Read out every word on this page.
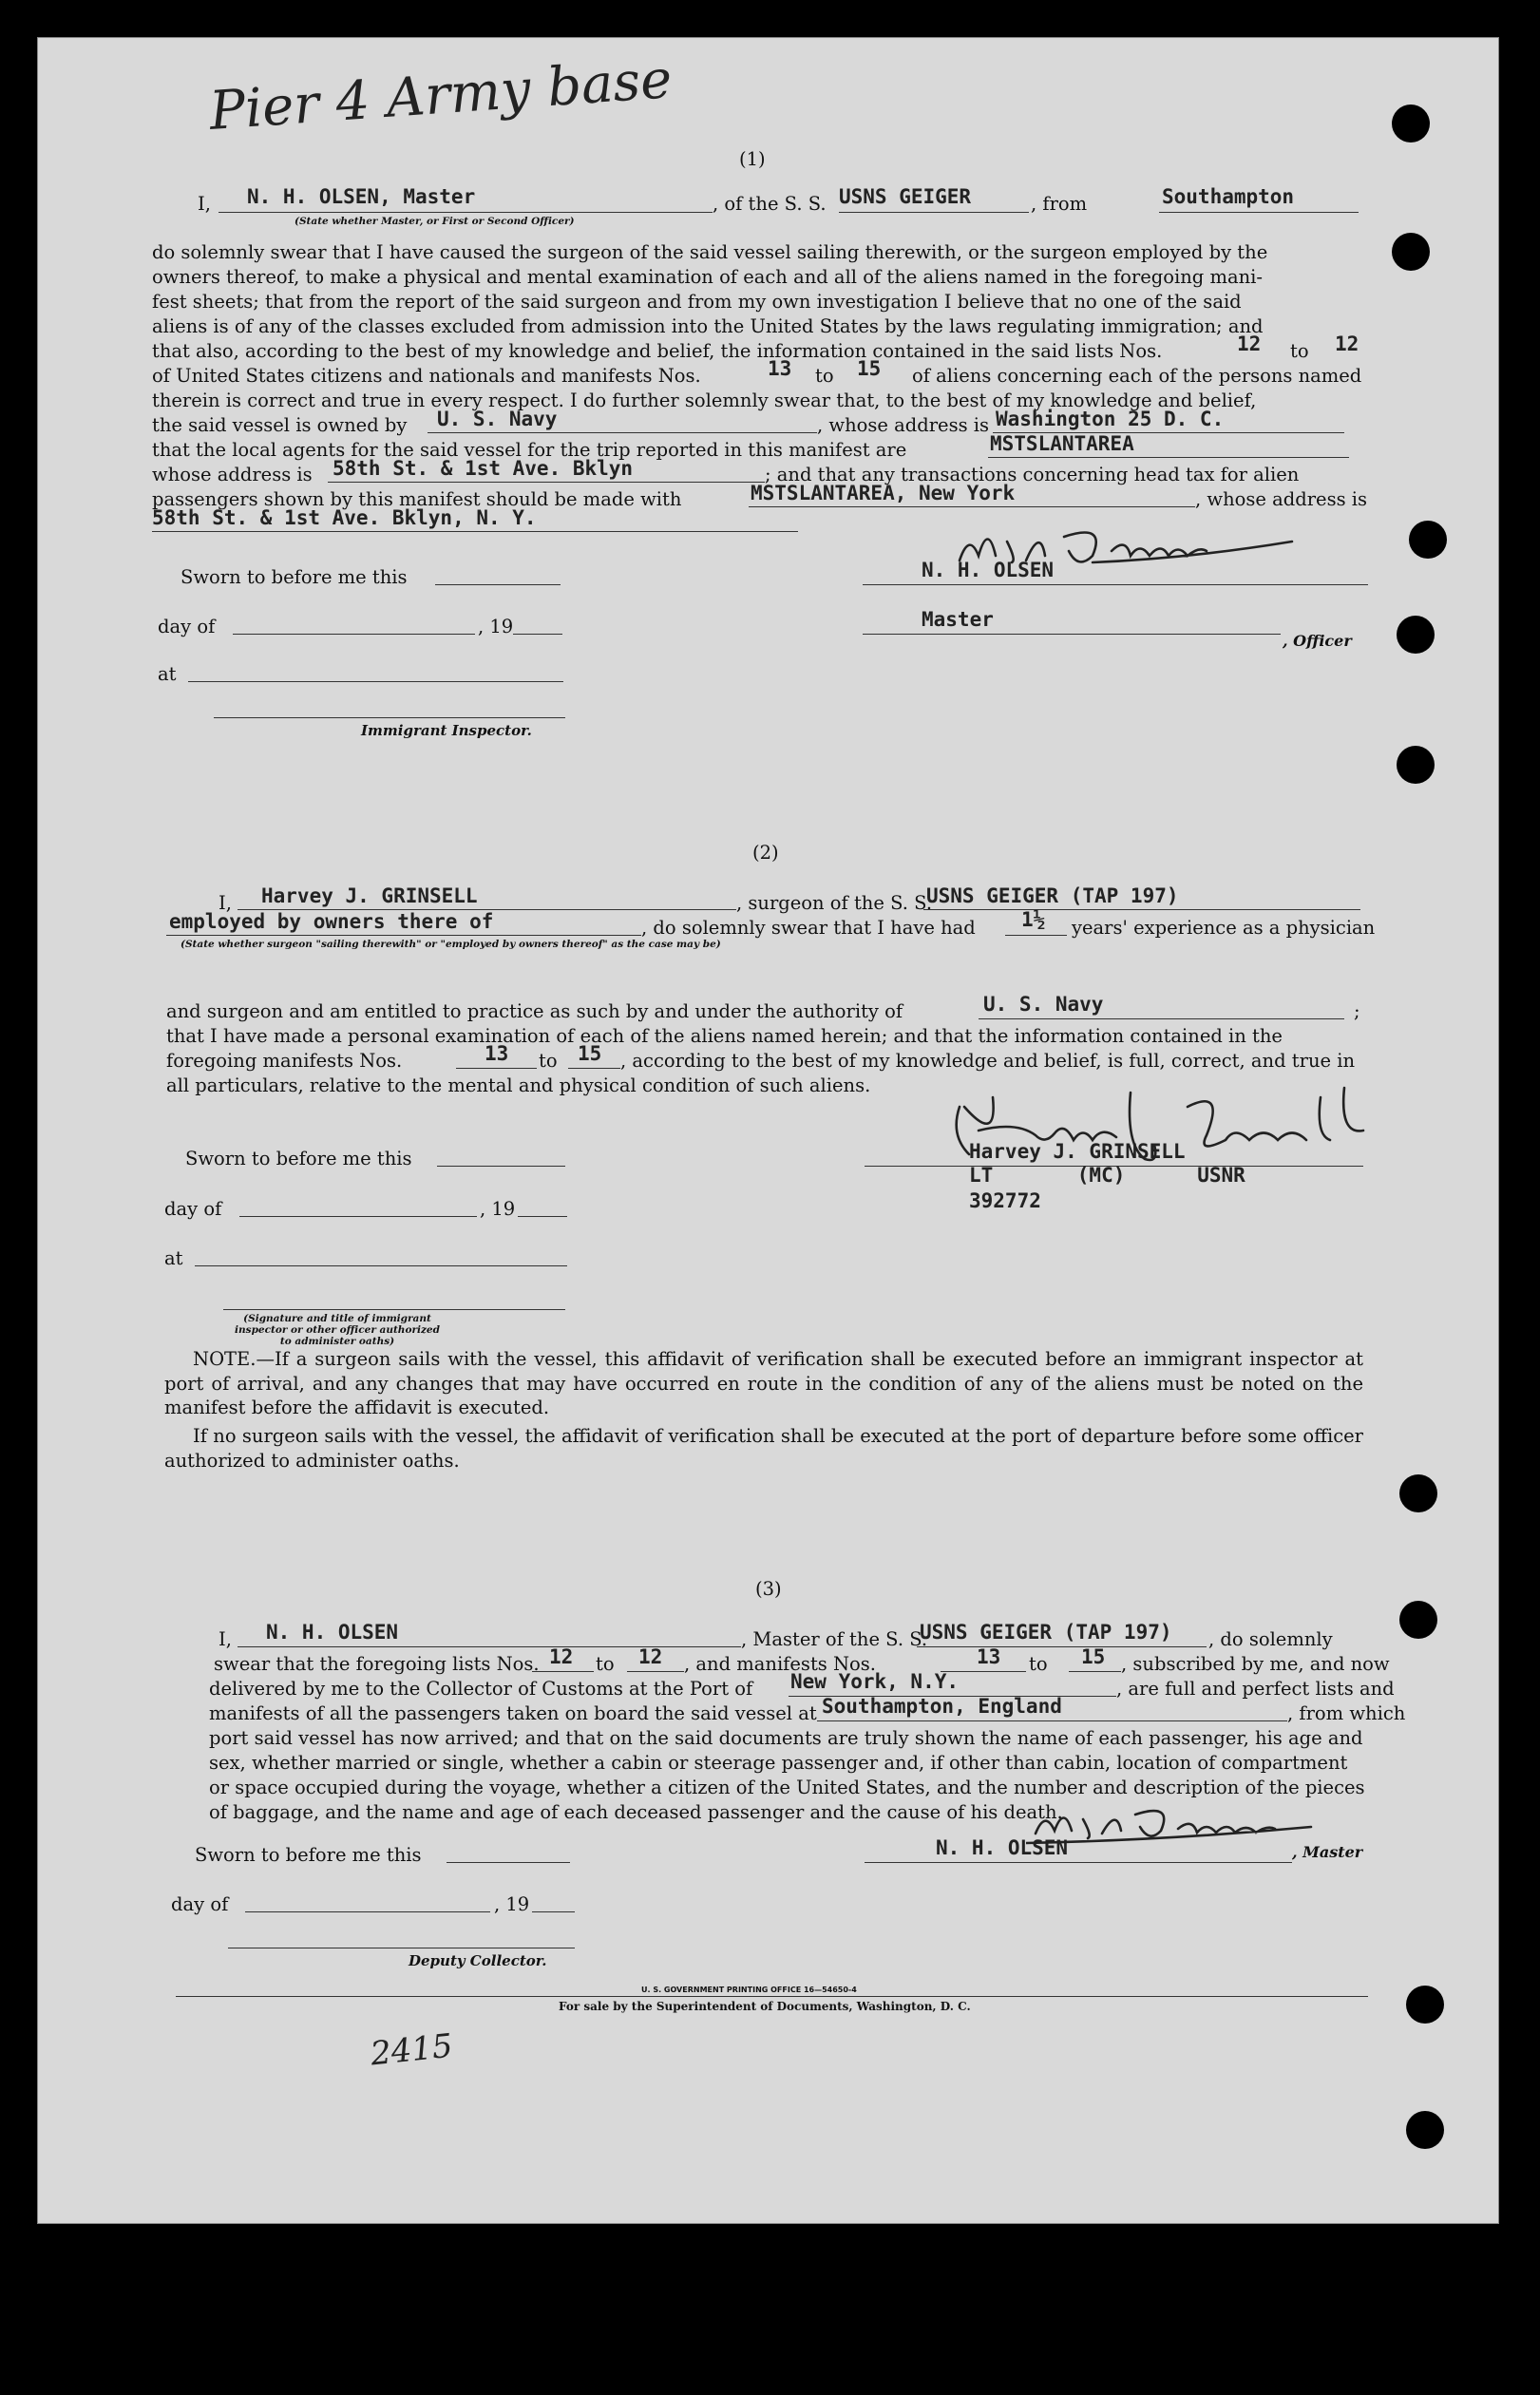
Pier 4 Army base
(1)
I, N. H. OLSEN, Master
(State whether Master, or First or Second Officer)
, of the S. S. USNS GEIGER	, from	Southampton
do solemnly swear that I have caused the surgeon of the said vessel sailing therewith, or the surgeon employed by the
owners thereof, to make a physical and mental examination of each and all of the aliens named in the foregoing mani-
fest sheets; that from the report of the said surgeon and from my own investigation I believe that no one of the said
aliens is of any of the classes excluded from admission into the United States by the laws regulating immigration; and
that also, according to the best of my knowledge and belief, the information contained in the said lists Nos.	12 to 12
of United States citizens and nationals and manifests Nos.	13 to 15 of aliens concerning each of the persons named
therein is correct and true in every respect. I do further solemnly swear that, to the best of my knowledge and belief,
the said vessel is owned by U. S. Navy	, whose address is Washington 25 D. C.
that the local agents for the said vessel for the trip reported in this manifest are	MSTSLANTAREA
whose address is 58th St. & 1st Ave. Bklyn	; and that any transactions concerning head tax for alien
passengers shown by this manifest should be made with	MSTSLANTAREA, New York	, whose address is
58th St. & 1st Ave. Bklyn, N. Y.
Sworn to before me this	N. H. OLSEN
day of	, 19	Master
, Officer
at
Immigrant Inspector.
(2)
I, Harvey J. GRINSELL	, surgeon of the S. S.
USNS GEIGER (TAP 197)
employed by owners there of	, do solemnly swear that I have had 1½ years' experience as a physician
(State whether surgeon "sailing therewith" or "employed by owners thereof" as the case may be)
and surgeon and am entitled to practice as such by and under the authority of	U. S. Navy	;
that I have made a personal examination of each of the aliens named herein; and that the information contained in the
foregoing manifests Nos.	13 to 15 , according to the best of my knowledge and belief, is full, correct, and true in
all particulars, relative to the mental and physical condition of such aliens.
Sworn to before me this	Harvey J. GRINSELL
LT       (MC)      USNR
392772
day of	, 19
at
(Signature and title of immigrant inspector or other officer authorized to administer oaths)
NOTE.—If a surgeon sails with the vessel, this affidavit of verification shall be executed before an immigrant inspector at port of arrival, and any changes that may have occurred en route in the condition of any of the aliens must be noted on the manifest before the affidavit is executed.
If no surgeon sails with the vessel, the affidavit of verification shall be executed at the port of departure before some officer authorized to administer oaths.
(3)
I, N. H. OLSEN	, Master of the S. S.
USNS GEIGER (TAP 197) , do solemnly
swear that the foregoing lists Nos. 12 to 12 , and manifests Nos.	13 to 15 , subscribed by me, and now
delivered by me to the Collector of Customs at the Port of New York, N.Y.	, are full and perfect lists and
manifests of all the passengers taken on board the said vessel at Southampton, England	, from which
port said vessel has now arrived; and that on the said documents are truly shown the name of each passenger, his age and
sex, whether married or single, whether a cabin or steerage passenger and, if other than cabin, location of compartment
or space occupied during the voyage, whether a citizen of the United States, and the number and description of the pieces
of baggage, and the name and age of each deceased passenger and the cause of his death.
Sworn to before me this	N. H. OLSEN	, Master
day of	, 19
Deputy Collector.
U. S. GOVERNMENT PRINTING OFFICE 16—54650-4
For sale by the Superintendent of Documents, Washington, D. C.
2415
